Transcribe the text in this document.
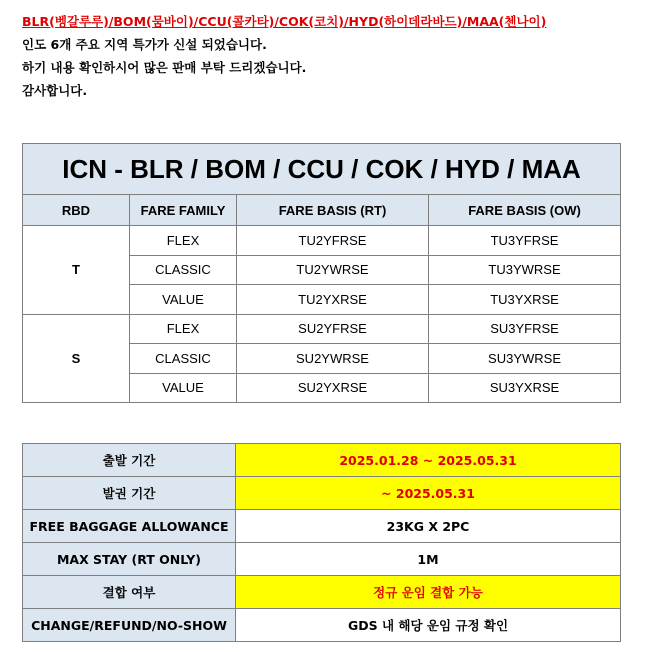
BLR(벵갈루루)/BOM(뭄바이)/CCU(콜카타)/COK(코치)/HYD(하이데라바드)/MAA(첸나이)
인도 6개 주요 지역 특가가 신설 되었습니다.
하기 내용 확인하시어 많은 판매 부탁 드리겠습니다.
감사합니다.
ICN - BLR / BOM / CCU / COK / HYD / MAA			
RBD	FARE FAMILY	FARE BASIS (RT)	FARE BASIS (OW)
T	FLEX	TU2YFRSE	TU3YFRSE
	CLASSIC	TU2YWRSE	TU3YWRSE
	VALUE	TU2YXRSE	TU3YXRSE
S	FLEX	SU2YFRSE	SU3YFRSE
	CLASSIC	SU2YWRSE	SU3YWRSE
	VALUE	SU2YXRSE	SU3YXRSE
출발 기간	2025.01.28 ~ 2025.05.31
발권 기간	~ 2025.05.31
FREE BAGGAGE ALLOWANCE	23KG X 2PC
MAX STAY (RT ONLY)	1M
결합 여부	정규 운임 결합 가능
CHANGE/REFUND/NO-SHOW	GDS 내 해당 운임 규정 확인
